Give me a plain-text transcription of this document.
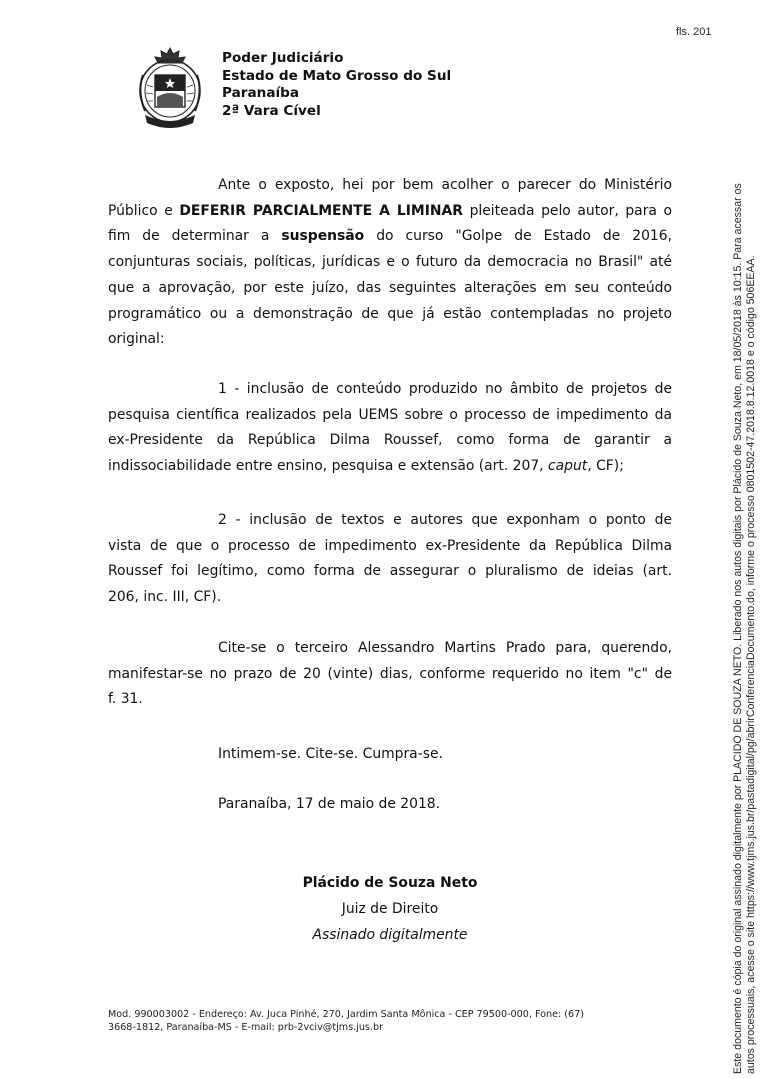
fls. 201
Poder Judiciário
Estado de Mato Grosso do Sul
Paranaíba
2ª Vara Cível
Ante o exposto, hei por bem acolher o parecer do Ministério
Público e DEFERIR PARCIALMENTE A LIMINAR pleiteada pelo autor, para o
fim de determinar a suspensão do curso "Golpe de Estado de 2016,
conjunturas sociais, políticas, jurídicas e o futuro da democracia no Brasil" até
que a aprovação, por este juízo, das seguintes alterações em seu conteúdo
programático ou a demonstração de que já estão contempladas no projeto
original:
1 - inclusão de conteúdo produzido no âmbito de projetos de
pesquisa científica realizados pela UEMS sobre o processo de impedimento da
ex-Presidente da República Dilma Roussef, como forma de garantir a
indissociabilidade entre ensino, pesquisa e extensão (art. 207, caput, CF);
2 - inclusão de textos e autores que exponham o ponto de
vista de que o processo de impedimento ex-Presidente da República Dilma
Roussef foi legítimo, como forma de assegurar o pluralismo de ideias (art.
206, inc. III, CF).
Cite-se o terceiro Alessandro Martins Prado para, querendo,
manifestar-se no prazo de 20 (vinte) dias, conforme requerido no item "c" de
f. 31.
Intimem-se. Cite-se. Cumpra-se.
Paranaíba, 17 de maio de 2018.
Plácido de Souza Neto
Juiz de Direito
Assinado digitalmente
Mod. 990003002 - Endereço: Av. Juca Pinhé, 270, Jardim Santa Mônica - CEP 79500-000, Fone: (67)
3668-1812, Paranaíba-MS - E-mail: prb-2vciv@tjms.jus.br	Este documento é cópia do original assinado digitalmente por PLACIDO DE SOUZA NETO. Liberado nos autos digitais por Plácido de Souza Neto, em 18/05/2018 às 10:15. Para acessar os autos processuais, acesse o site https://www.tjms.jus.br/pastadigital/pg/abrirConferenciaDocumento.do, informe o processo 0801502-47.2018.8.12.0018 e o código 506EEAA.
